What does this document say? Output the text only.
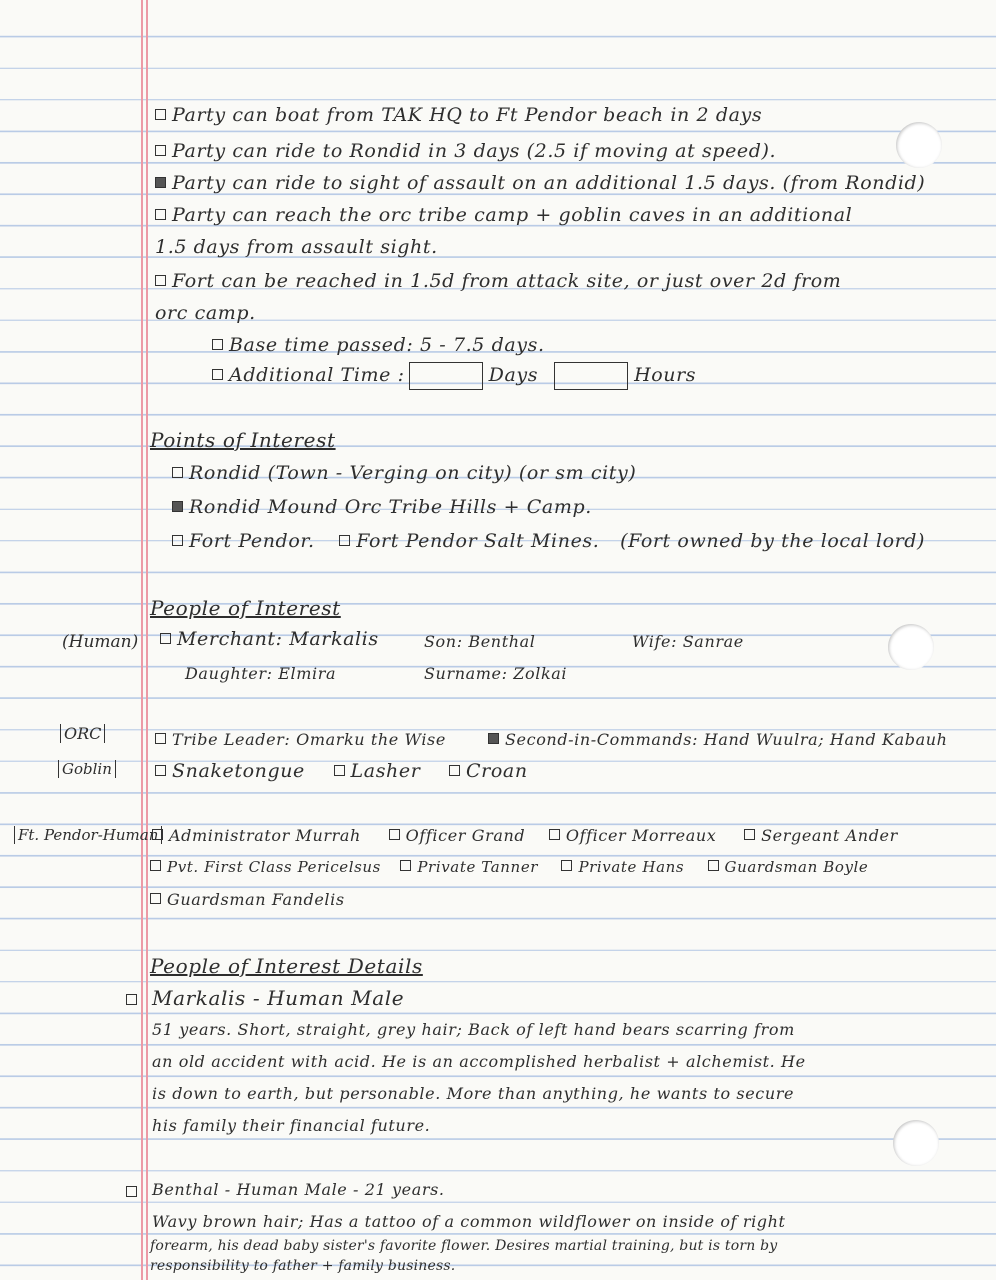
Party can boat from TAK HQ to Ft Pendor beach in 2 days
Party can ride to Rondid in 3 days (2.5 if moving at speed).
Party can ride to sight of assault on an additional 1.5 days. (from Rondid)
Party can reach the orc tribe camp + goblin caves in an additional
1.5 days from assault sight.
Fort can be reached in 1.5d from attack site, or just over 2d from
orc camp.
Base time passed: 5 - 7.5 days.
Additional Time :	Days	Hours
Points of Interest
Rondid (Town - Verging on city) (or sm city)
Rondid Mound Orc Tribe Hills + Camp.
Fort Pendor. Fort Pendor Salt Mines. (Fort owned by the local lord)
People of Interest
(Human)	Merchant: Markalis	Son: Benthal	Wife: Sanrae
Daughter: Elmira	Surname: Zolkai
ORC
Goblin
Tribe Leader: Omarku the Wise	Second-in-Commands: Hand Wuulra; Hand Kabauh
Snaketongue Lasher Croan
Ft. Pendor-Human Administrator Murrah	Officer Grand	Officer Morreaux	Sergeant Ander
Pvt. First Class Pericelsus Private Tanner	Private Hans	Guardsman Boyle
Guardsman Fandelis
People of Interest Details
Markalis - Human Male
51 years. Short, straight, grey hair; Back of left hand bears scarring from
an old accident with acid. He is an accomplished herbalist + alchemist. He
is down to earth, but personable. More than anything, he wants to secure
his family their financial future.
Benthal - Human Male - 21 years.
Wavy brown hair; Has a tattoo of a common wildflower on inside of right
forearm, his dead baby sister's favorite flower. Desires martial training, but is torn by
responsibility to father + family business.
